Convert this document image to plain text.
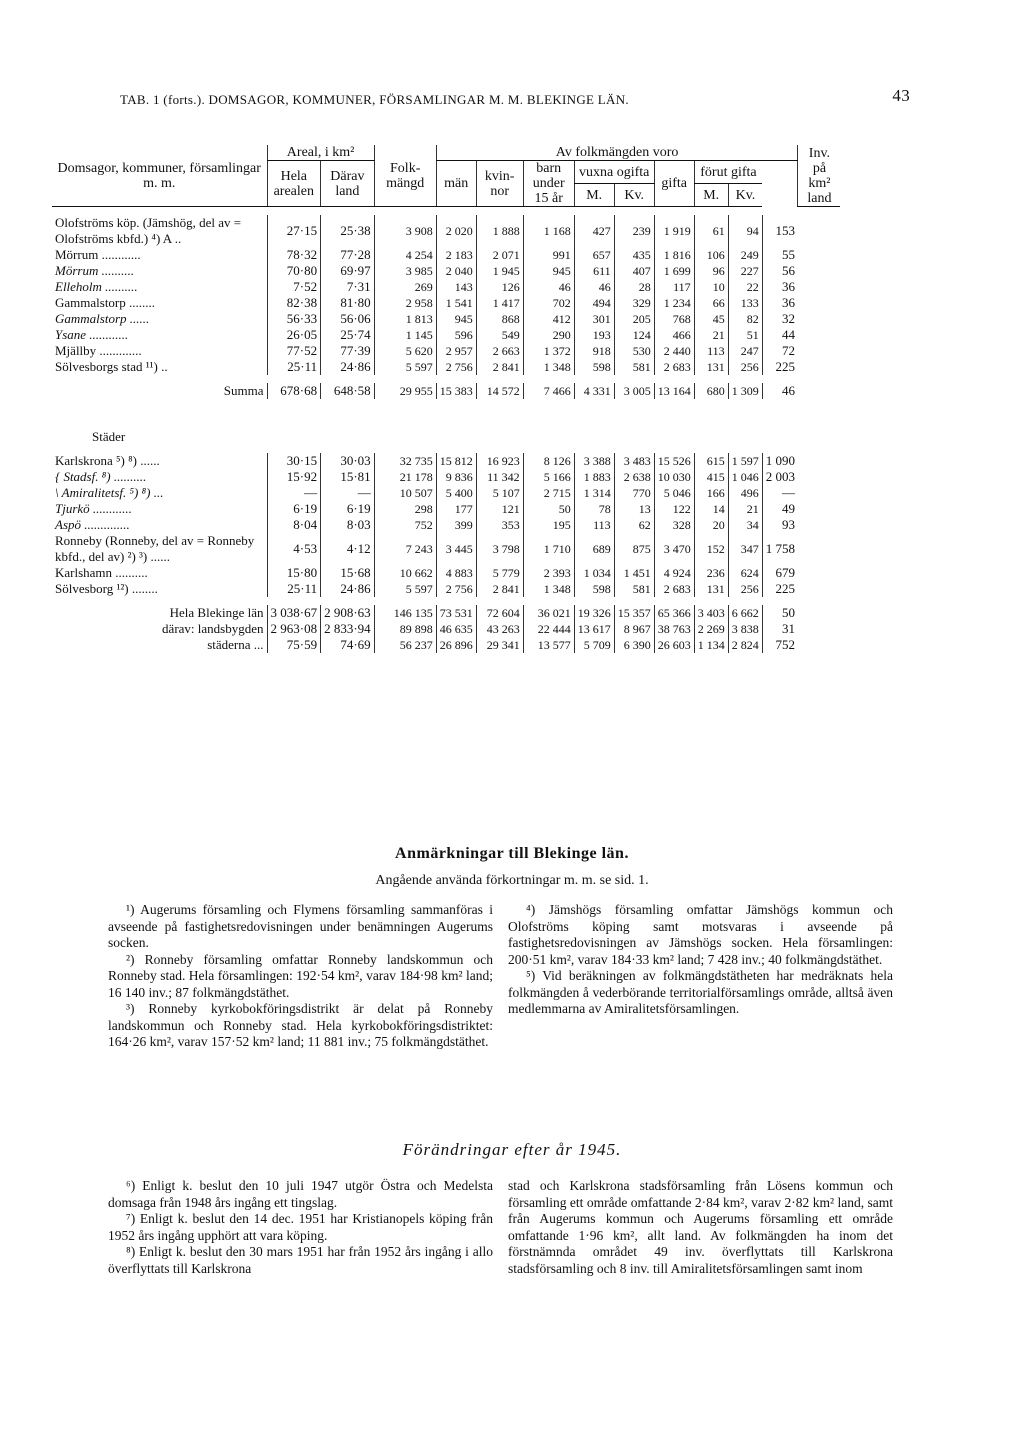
TAB. 1 (forts.). DOMSAGOR, KOMMUNER, FÖRSAMLINGAR M. M. BLEKINGE LÄN.	43
Domsagor, kommuner, församlingar m. m.	Areal, i km²		Folk-mängd	Av folkmängden voro									Inv. på km² land
	Hela arealen	Därav land		män	kvin-nor	barn under 15 år	vuxna ogifta		gifta	förut gifta			
							M.	Kv.		M.	Kv.		

Olofströms köp. (Jämshög, del av = Olofströms kbfd.) ⁴) A ..	27·15	25·38	3 908	2 020	1 888	1 168	427	239	1 919	61	94	153	
Mörrum ............	78·32	77·28	4 254	2 183	2 071	991	657	435	1 816	106	249	55	
Mörrum ..........	70·80	69·97	3 985	2 040	1 945	945	611	407	1 699	96	227	56	
Elleholm ..........	7·52	7·31	269	143	126	46	46	28	117	10	22	36	
Gammalstorp ........	82·38	81·80	2 958	1 541	1 417	702	494	329	1 234	66	133	36	
Gammalstorp ......	56·33	56·06	1 813	945	868	412	301	205	768	45	82	32	
Ysane ............	26·05	25·74	1 145	596	549	290	193	124	466	21	51	44	
Mjällby .............	77·52	77·39	5 620	2 957	2 663	1 372	918	530	2 440	113	247	72	
Sölvesborgs stad ¹¹) ..	25·11	24·86	5 597	2 756	2 841	1 348	598	581	2 683	131	256	225	

Summa	678·68	648·58	29 955	15 383	14 572	7 466	4 331	3 005	13 164	680	1 309	46	

Städer													

Karlskrona ⁵) ⁸) ......	30·15	30·03	32 735	15 812	16 923	8 126	3 388	3 483	15 526	615	1 597	1 090	
{ Stadsf. ⁸) ..........	15·92	15·81	21 178	9 836	11 342	5 166	1 883	2 638	10 030	415	1 046	2 003	
\ Amiralitetsf. ⁵) ⁸) ...	—	—	10 507	5 400	5 107	2 715	1 314	770	5 046	166	496	—	
Tjurkö ............	6·19	6·19	298	177	121	50	78	13	122	14	21	49	
Aspö ..............	8·04	8·03	752	399	353	195	113	62	328	20	34	93	
Ronneby (Ronneby, del av = Ronneby kbfd., del av) ²) ³) ......	4·53	4·12	7 243	3 445	3 798	1 710	689	875	3 470	152	347	1 758	
Karlshamn ..........	15·80	15·68	10 662	4 883	5 779	2 393	1 034	1 451	4 924	236	624	679	
Sölvesborg ¹²) ........	25·11	24·86	5 597	2 756	2 841	1 348	598	581	2 683	131	256	225	

Hela Blekinge län	3 038·67	2 908·63	146 135	73 531	72 604	36 021	19 326	15 357	65 366	3 403	6 662	50	
därav: landsbygden	2 963·08	2 833·94	89 898	46 635	43 263	22 444	13 617	8 967	38 763	2 269	3 838	31	
städerna ...	75·59	74·69	56 237	26 896	29 341	13 577	5 709	6 390	26 603	1 134	2 824	752	
Anmärkningar till Blekinge län.
Angående använda förkortningar m. m. se sid. 1.
¹) Augerums församling och Flymens församling sammanföras i avseende på fastighetsredovisningen under benämningen Augerums socken.
²) Ronneby församling omfattar Ronneby landskommun och Ronneby stad. Hela församlingen: 192·54 km², varav 184·98 km² land; 16 140 inv.; 87 folkmängdstäthet.
³) Ronneby kyrkobokföringsdistrikt är delat på Ronneby landskommun och Ronneby stad. Hela kyrkobokföringsdistriktet: 164·26 km², varav 157·52 km² land; 11 881 inv.; 75 folkmängdstäthet.
⁴) Jämshögs församling omfattar Jämshögs kommun och Olofströms köping samt motsvaras i avseende på fastighetsredovisningen av Jämshögs socken. Hela församlingen: 200·51 km², varav 184·33 km² land; 7 428 inv.; 40 folkmängdstäthet.
⁵) Vid beräkningen av folkmängdstätheten har medräknats hela folkmängden å vederbörande territorialförsamlings område, alltså även medlemmarna av Amiralitetsförsamlingen.
Förändringar efter år 1945.
⁶) Enligt k. beslut den 10 juli 1947 utgör Östra och Medelsta domsaga från 1948 års ingång ett tingslag.
⁷) Enligt k. beslut den 14 dec. 1951 har Kristianopels köping från 1952 års ingång upphört att vara köping.
⁸) Enligt k. beslut den 30 mars 1951 har från 1952 års ingång i allo överflyttats till Karlskrona
stad och Karlskrona stadsförsamling från Lösens kommun och församling ett område omfattande 2·84 km², varav 2·82 km² land, samt från Augerums kommun och Augerums församling ett område omfattande 1·96 km², allt land. Av folkmängden ha inom det förstnämnda området 49 inv. överflyttats till Karlskrona stadsförsamling och 8 inv. till Amiralitetsförsamlingen samt inom
